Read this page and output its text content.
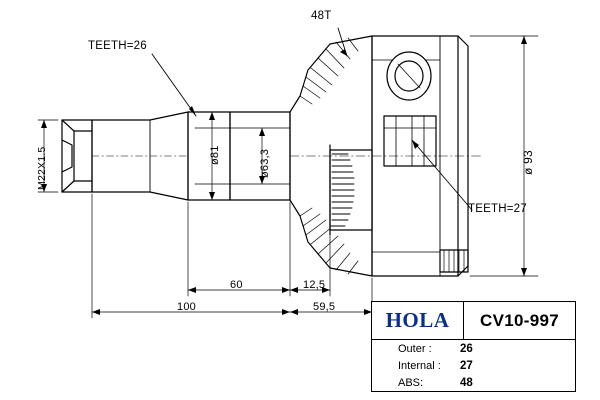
TEETH=26
48T
TEETH=27
M22X1.5	ø81	ø63,3	ø 93
60	12,5
100	59,5
HOLA	CV10-997
Outer :	26
Internal :	27
ABS:	48
